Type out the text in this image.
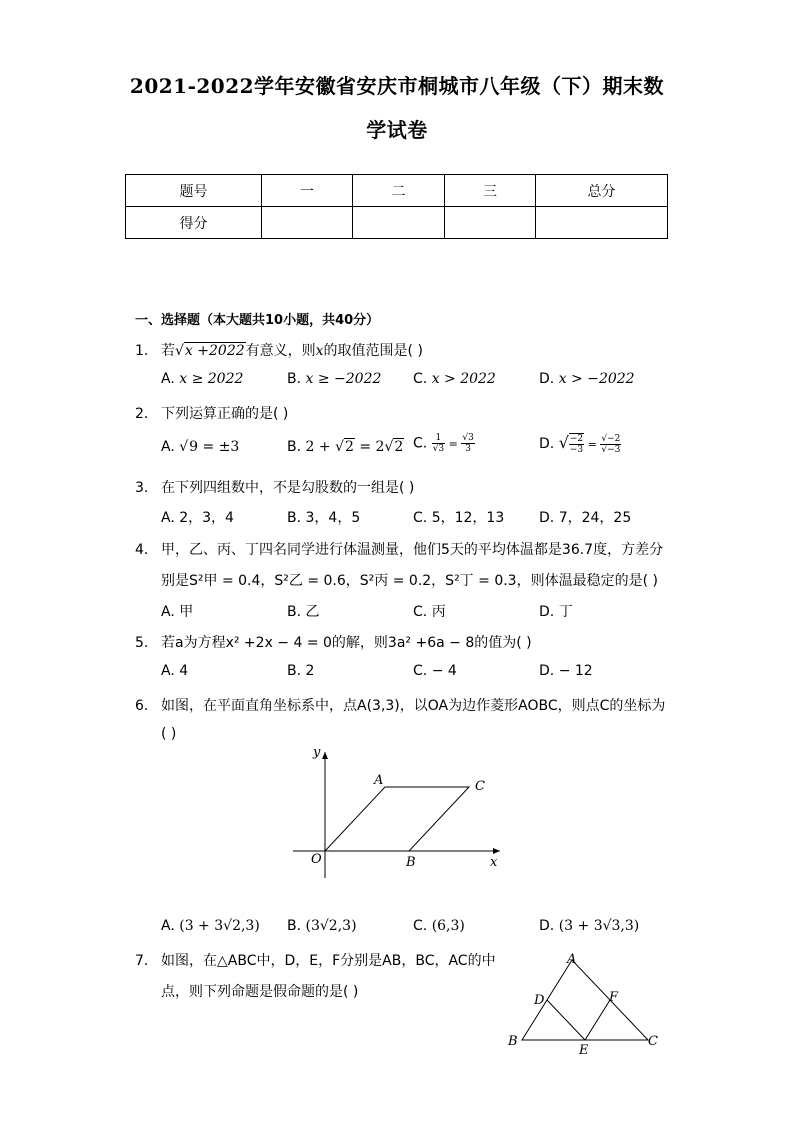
2021-2022学年安徽省安庆市桐城市八年级（下）期末数
学试卷
题号	一	二	三	总分
得分				
一、选择题（本大题共10小题，共40分）
1. 若√x +2022有意义，则x的取值范围是( )
A. x ≥ 2022	B. x ≥ −2022 C. x > 2022	D. x > −2022
2. 下列运算正确的是( )
A. √9 = ±3	B. 2 + √2 = 2√2 C. $\frac{1}{√3} = \frac{√3}{3}$	D. √ $\frac{-2}{-3} = \frac{√-2}{√-3}$
3. 在下列四组数中，不是勾股数的一组是( )
A. 2，3，4	B. 3，4，5	C. 5，12，13 D. 7，24，25
4. 甲，乙、丙、丁四名同学进行体温测量，他们5天的平均体温都是36.7度，方差分
别是S²甲 = 0.4，S²乙 = 0.6，S²丙 = 0.2，S²丁 = 0.3，则体温最稳定的是( )
A. 甲	B. 乙	C. 丙	D. 丁
5. 若a为方程x² +2x − 4 = 0的解，则3a² +6a − 8的值为( )
A. 4	B. 2	C. − 4	D. − 12
6. 如图，在平面直角坐标系中，点A(3,3)，以OA为边作菱形AOBC，则点C的坐标为
( )
y
x
O
A	C
B
A. (3 + 3√2,3) B. (3√2,3)	C. (6,3)	D. (3 + 3√3,3)
7. 如图，在△ABC中，D，E，F分别是AB，BC，AC的中
点，则下列命题是假命题的是( )
A
B	C
D
E
F
